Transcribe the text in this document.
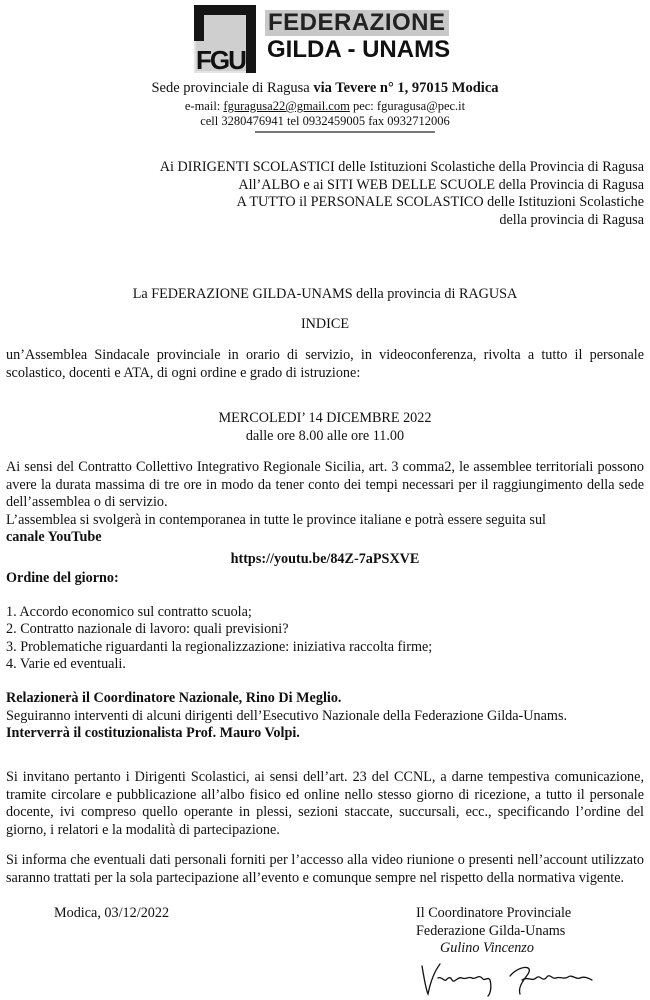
FGU
FEDERAZIONE
GILDA - UNAMS
Sede provinciale di Ragusa via Tevere n° 1, 97015 Modica
e-mail: fguragusa22@gmail.com pec: fguragusa@pec.it
cell 3280476941 tel 0932459005 fax 0932712006
Ai DIRIGENTI SCOLASTICI delle Istituzioni Scolastiche della Provincia di Ragusa
All’ALBO e ai SITI WEB DELLE SCUOLE della Provincia di Ragusa
A TUTTO il PERSONALE SCOLASTICO delle Istituzioni Scolastiche
della provincia di Ragusa
La FEDERAZIONE GILDA-UNAMS della provincia di RAGUSA
INDICE
un’Assemblea Sindacale provinciale in orario di servizio, in videoconferenza, rivolta a tutto il personale scolastico, docenti e ATA, di ogni ordine e grado di istruzione:
MERCOLEDI’ 14 DICEMBRE 2022
dalle ore 8.00 alle ore 11.00
Ai sensi del Contratto Collettivo Integrativo Regionale Sicilia, art. 3 comma2, le assemblee territoriali possono avere la durata massima di tre ore in modo da tener conto dei tempi necessari per il raggiungimento della sede dell’assemblea o di servizio.
L’assemblea si svolgerà in contemporanea in tutte le province italiane e potrà essere seguita sul
canale YouTube
https://youtu.be/84Z-7aPSXVE
Ordine del giorno:
1. Accordo economico sul contratto scuola;
2. Contratto nazionale di lavoro: quali previsioni?
3. Problematiche riguardanti la regionalizzazione: iniziativa raccolta firme;
4. Varie ed eventuali.
Relazionerà il Coordinatore Nazionale, Rino Di Meglio.
Seguiranno interventi di alcuni dirigenti dell’Esecutivo Nazionale della Federazione Gilda-Unams.
Interverrà il costituzionalista Prof. Mauro Volpi.
Si invitano pertanto i Dirigenti Scolastici, ai sensi dell’art. 23 del CCNL, a darne tempestiva comunicazione, tramite circolare e pubblicazione all’albo fisico ed online nello stesso giorno di ricezione, a tutto il personale docente, ivi compreso quello operante in plessi, sezioni staccate, succursali, ecc., specificando l’ordine del giorno, i relatori e la modalità di partecipazione.
Si informa che eventuali dati personali forniti per l’accesso alla video riunione o presenti nell’account utilizzato saranno trattati per la sola partecipazione all’evento e comunque sempre nel rispetto della normativa vigente.
Modica, 03/12/2022	Il Coordinatore Provinciale
Federazione Gilda-Unams
Gulino Vincenzo
